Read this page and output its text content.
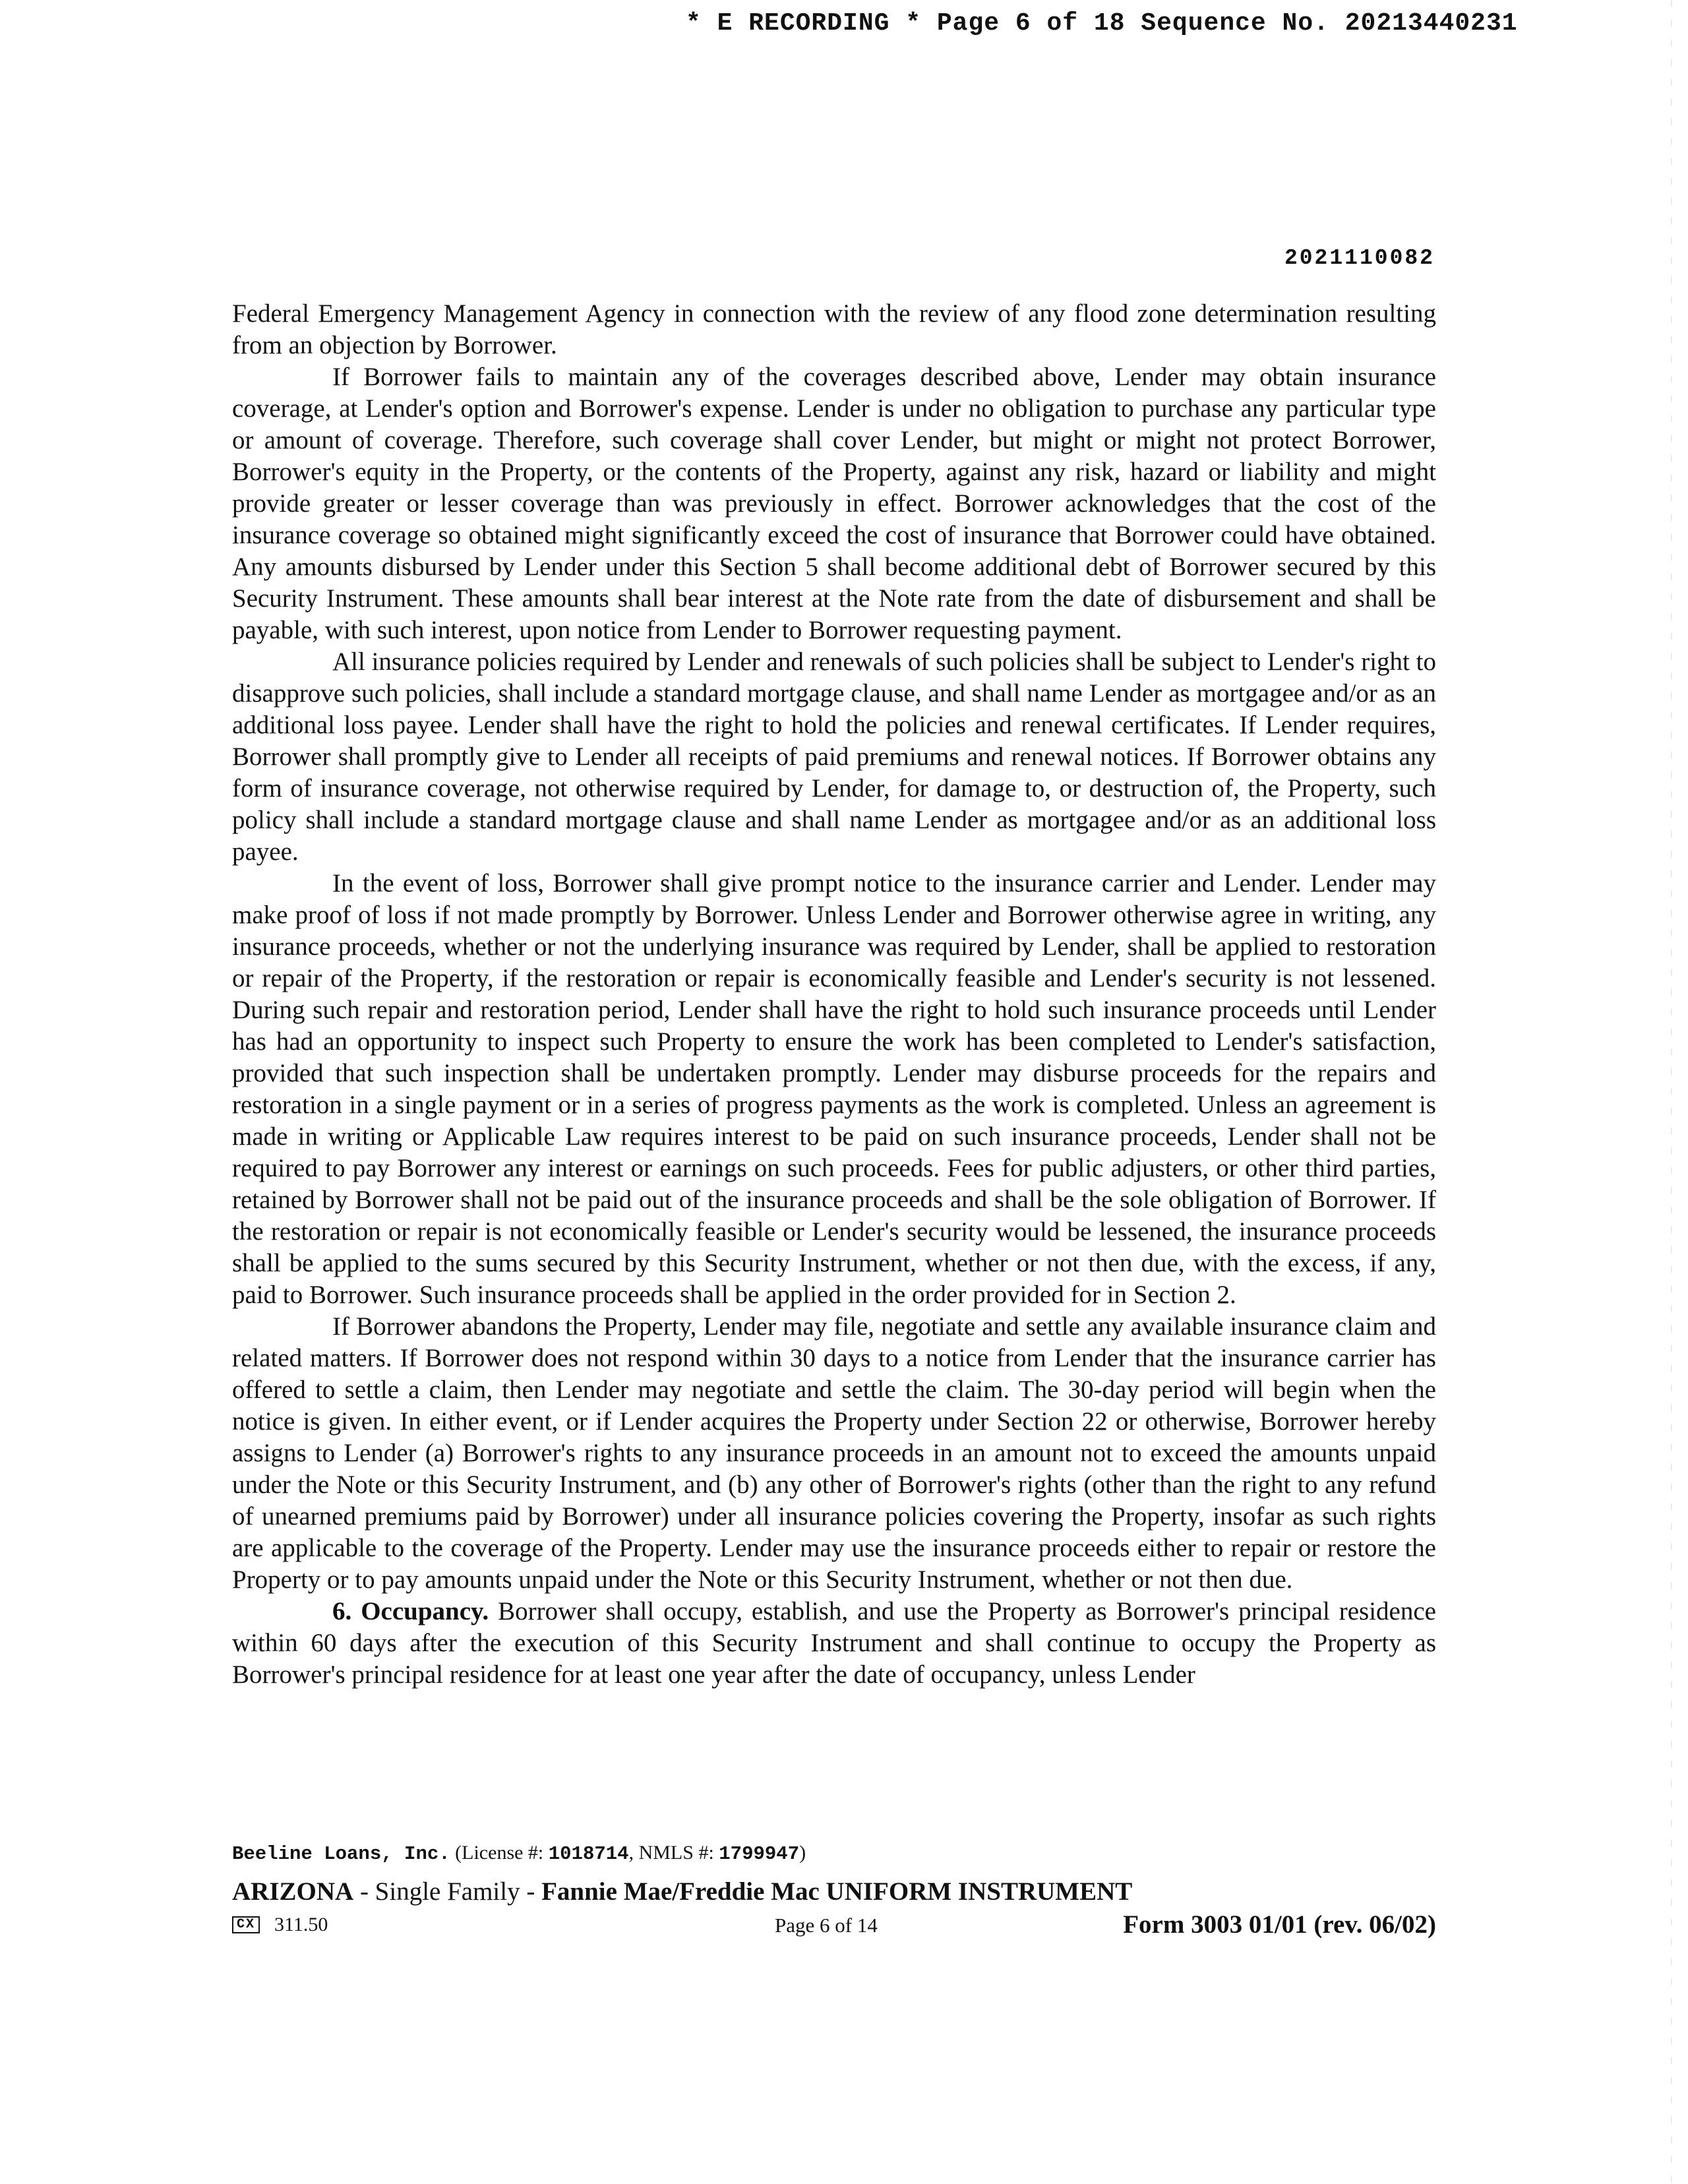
* E RECORDING * Page 6 of 18 Sequence No. 20213440231
2021110082

Federal Emergency Management Agency in connection with the review of any flood zone determination resulting from an objection by Borrower.

If Borrower fails to maintain any of the coverages described above, Lender may obtain insurance coverage, at Lender's option and Borrower's expense. Lender is under no obligation to purchase any particular type or amount of coverage. Therefore, such coverage shall cover Lender, but might or might not protect Borrower, Borrower's equity in the Property, or the contents of the Property, against any risk, hazard or liability and might provide greater or lesser coverage than was previously in effect. Borrower acknowledges that the cost of the insurance coverage so obtained might significantly exceed the cost of insurance that Borrower could have obtained. Any amounts disbursed by Lender under this Section 5 shall become additional debt of Borrower secured by this Security Instrument. These amounts shall bear interest at the Note rate from the date of disbursement and shall be payable, with such interest, upon notice from Lender to Borrower requesting payment.

All insurance policies required by Lender and renewals of such policies shall be subject to Lender's right to disapprove such policies, shall include a standard mortgage clause, and shall name Lender as mortgagee and/or as an additional loss payee. Lender shall have the right to hold the policies and renewal certificates. If Lender requires, Borrower shall promptly give to Lender all receipts of paid premiums and renewal notices. If Borrower obtains any form of insurance coverage, not otherwise required by Lender, for damage to, or destruction of, the Property, such policy shall include a standard mortgage clause and shall name Lender as mortgagee and/or as an additional loss payee.

In the event of loss, Borrower shall give prompt notice to the insurance carrier and Lender. Lender may make proof of loss if not made promptly by Borrower. Unless Lender and Borrower otherwise agree in writing, any insurance proceeds, whether or not the underlying insurance was required by Lender, shall be applied to restoration or repair of the Property, if the restoration or repair is economically feasible and Lender's security is not lessened. During such repair and restoration period, Lender shall have the right to hold such insurance proceeds until Lender has had an opportunity to inspect such Property to ensure the work has been completed to Lender's satisfaction, provided that such inspection shall be undertaken promptly. Lender may disburse proceeds for the repairs and restoration in a single payment or in a series of progress payments as the work is completed. Unless an agreement is made in writing or Applicable Law requires interest to be paid on such insurance proceeds, Lender shall not be required to pay Borrower any interest or earnings on such proceeds. Fees for public adjusters, or other third parties, retained by Borrower shall not be paid out of the insurance proceeds and shall be the sole obligation of Borrower. If the restoration or repair is not economically feasible or Lender's security would be lessened, the insurance proceeds shall be applied to the sums secured by this Security Instrument, whether or not then due, with the excess, if any, paid to Borrower. Such insurance proceeds shall be applied in the order provided for in Section 2.

If Borrower abandons the Property, Lender may file, negotiate and settle any available insurance claim and related matters. If Borrower does not respond within 30 days to a notice from Lender that the insurance carrier has offered to settle a claim, then Lender may negotiate and settle the claim. The 30-day period will begin when the notice is given. In either event, or if Lender acquires the Property under Section 22 or otherwise, Borrower hereby assigns to Lender (a) Borrower's rights to any insurance proceeds in an amount not to exceed the amounts unpaid under the Note or this Security Instrument, and (b) any other of Borrower's rights (other than the right to any refund of unearned premiums paid by Borrower) under all insurance policies covering the Property, insofar as such rights are applicable to the coverage of the Property. Lender may use the insurance proceeds either to repair or restore the Property or to pay amounts unpaid under the Note or this Security Instrument, whether or not then due.

6. Occupancy. Borrower shall occupy, establish, and use the Property as Borrower's principal residence within 60 days after the execution of this Security Instrument and shall continue to occupy the Property as Borrower's principal residence for at least one year after the date of occupancy, unless Lender

Beeline Loans, Inc. (License #: 1018714, NMLS #: 1799947)
ARIZONA - Single Family - Fannie Mae/Freddie Mac UNIFORM INSTRUMENT
CX 311.50	Page 6 of 14	Form 3003 01/01 (rev. 06/02)
